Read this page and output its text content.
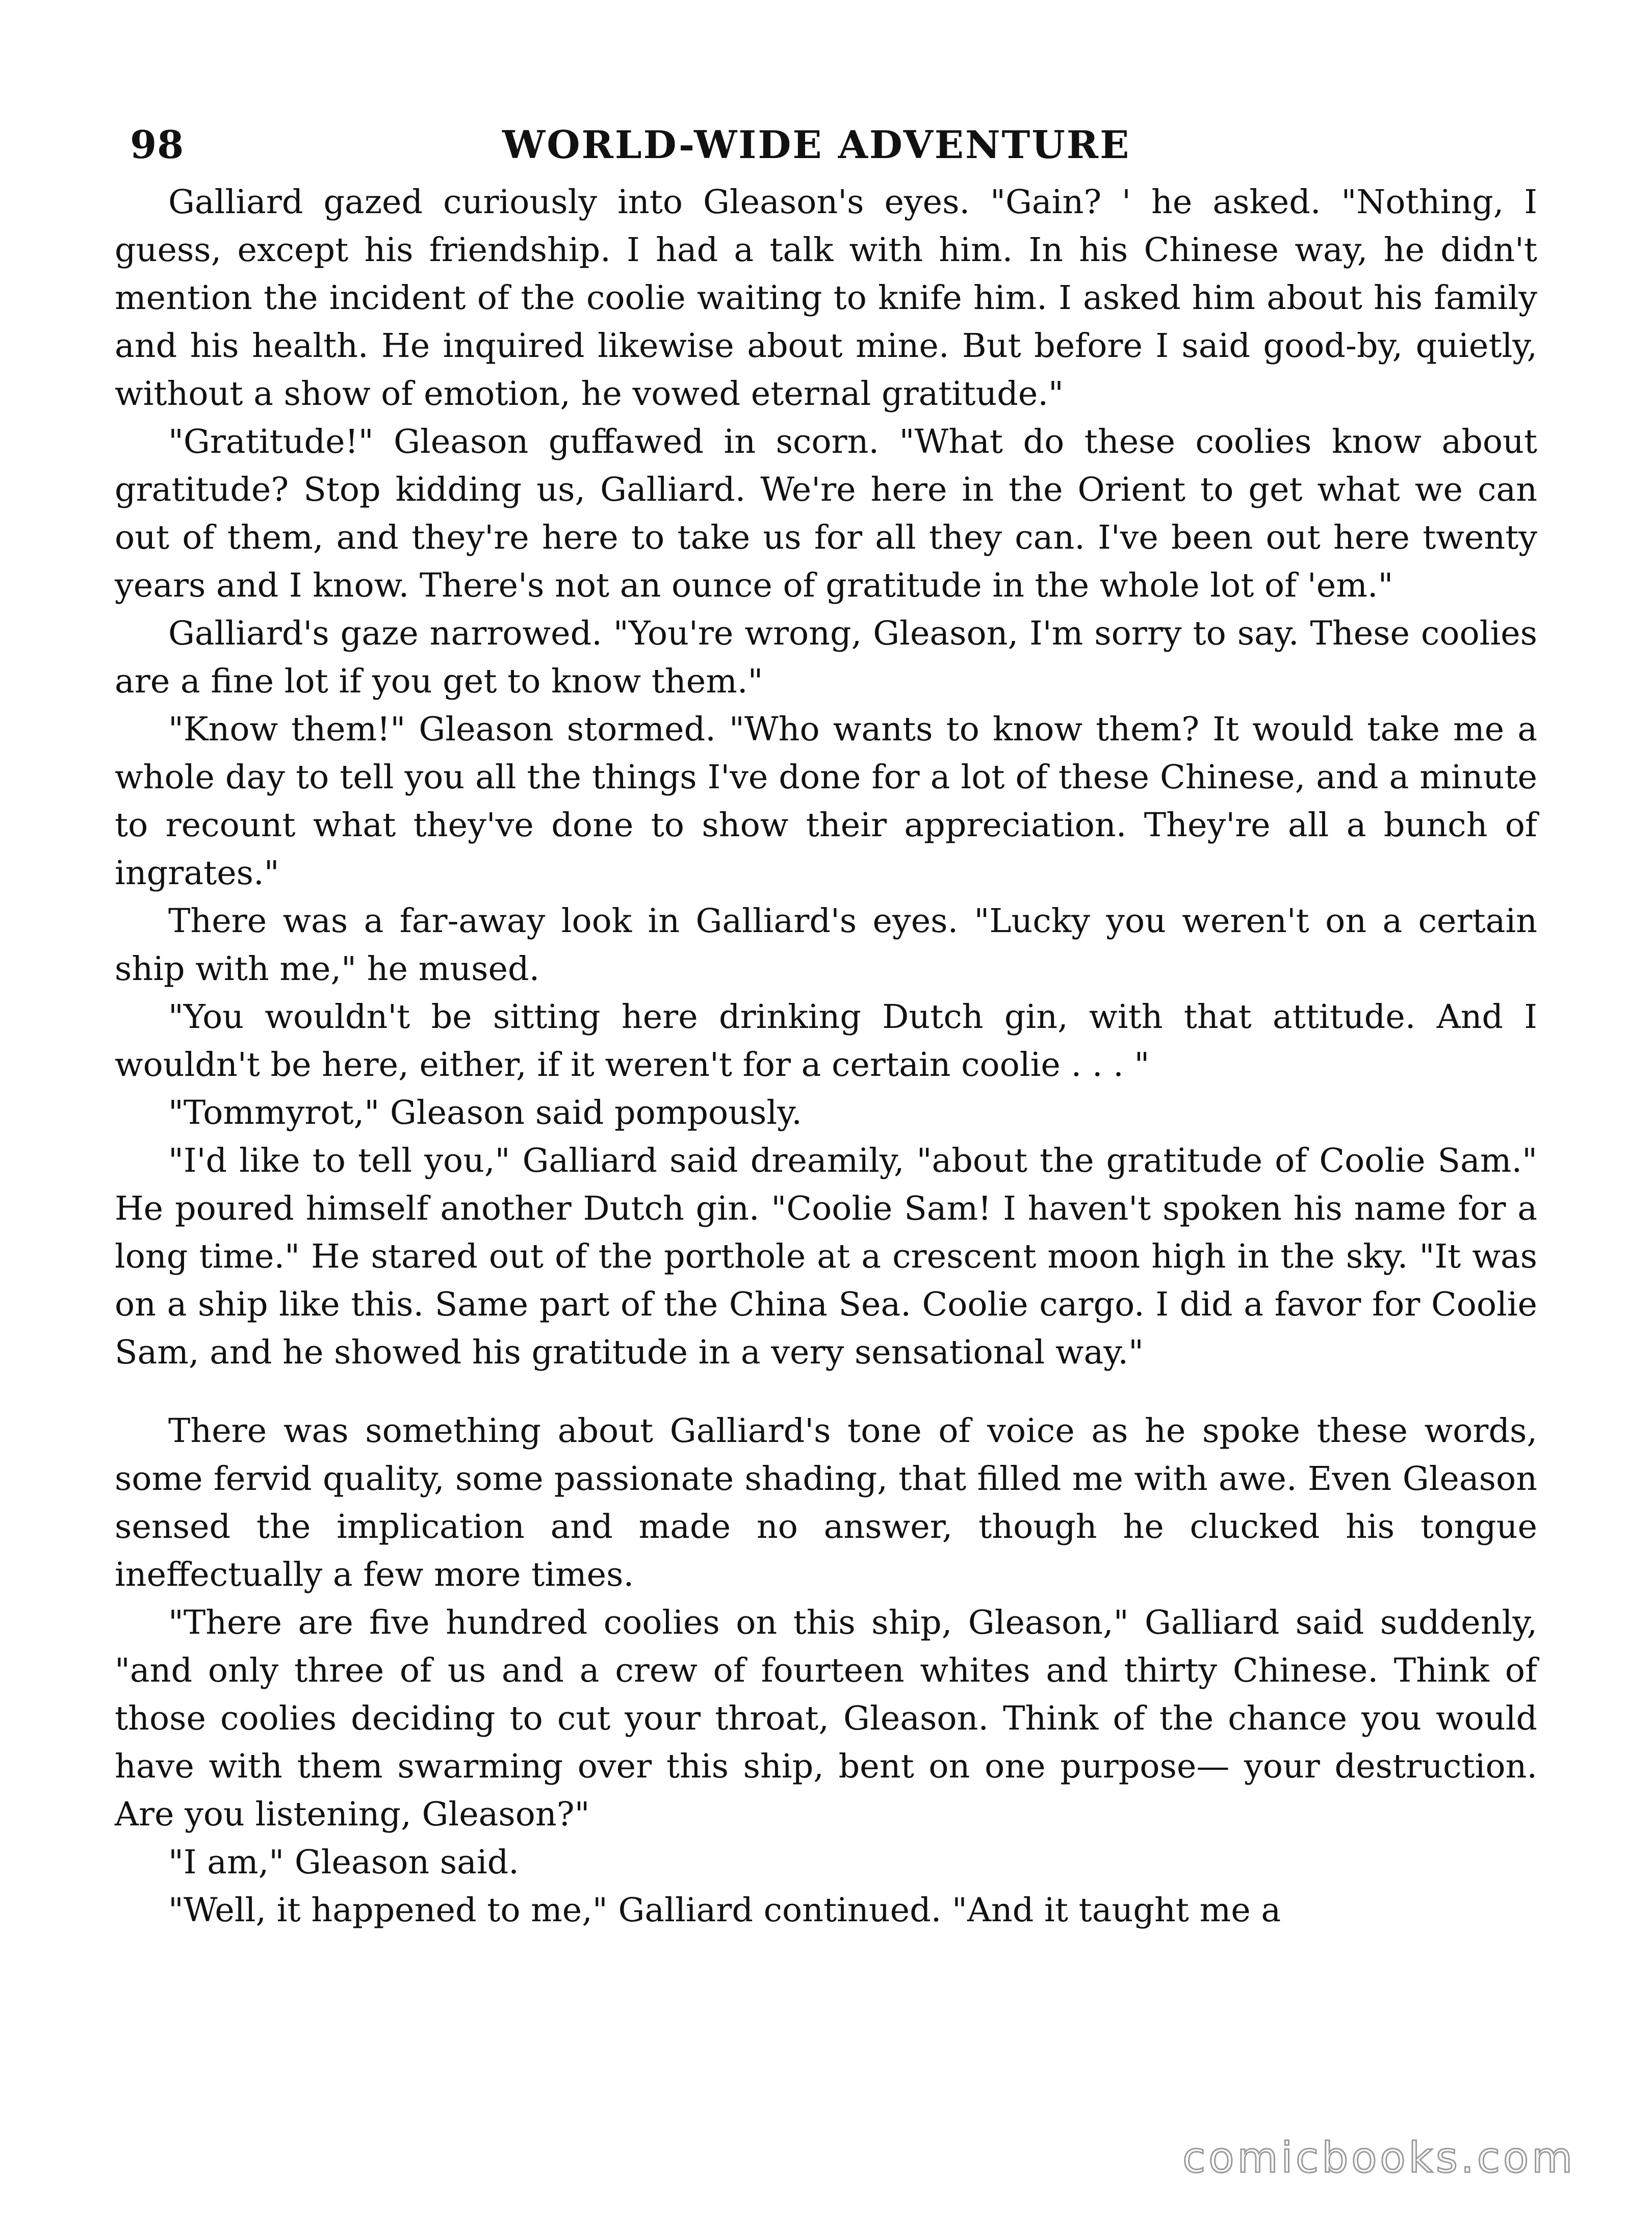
98	WORLD-WIDE ADVENTURE

Galliard gazed curiously into Gleason's eyes. "Gain? ' he asked. "Nothing, I guess, except his friendship. I had a talk with him. In his Chinese way, he didn't mention the incident of the coolie waiting to knife him. I asked him about his family and his health. He inquired likewise about mine. But before I said good-by, quietly, without a show of emotion, he vowed eternal gratitude."

"Gratitude!" Gleason guffawed in scorn. "What do these coolies know about gratitude? Stop kidding us, Galliard. We're here in the Orient to get what we can out of them, and they're here to take us for all they can. I've been out here twenty years and I know. There's not an ounce of gratitude in the whole lot of 'em."

Galliard's gaze narrowed. "You're wrong, Gleason, I'm sorry to say. These coolies are a fine lot if you get to know them."

"Know them!" Gleason stormed. "Who wants to know them? It would take me a whole day to tell you all the things I've done for a lot of these Chinese, and a minute to recount what they've done to show their appreciation. They're all a bunch of ingrates."

There was a far-away look in Galliard's eyes. "Lucky you weren't on a certain ship with me," he mused.

"You wouldn't be sitting here drinking Dutch gin, with that attitude. And I wouldn't be here, either, if it weren't for a certain coolie . . . "

"Tommyrot," Gleason said pompously.

"I'd like to tell you," Galliard said dreamily, "about the gratitude of Coolie Sam." He poured himself another Dutch gin. "Coolie Sam! I haven't spoken his name for a long time." He stared out of the porthole at a crescent moon high in the sky. "It was on a ship like this. Same part of the China Sea. Coolie cargo. I did a favor for Coolie Sam, and he showed his gratitude in a very sensational way."

There was something about Galliard's tone of voice as he spoke these words, some fervid quality, some passionate shading, that filled me with awe. Even Gleason sensed the implication and made no answer, though he clucked his tongue ineffectually a few more times.

"There are five hundred coolies on this ship, Gleason," Galliard said suddenly, "and only three of us and a crew of fourteen whites and thirty Chinese. Think of those coolies deciding to cut your throat, Gleason. Think of the chance you would have with them swarming over this ship, bent on one purpose— your destruction. Are you listening, Gleason?"

"I am," Gleason said.

"Well, it happened to me," Galliard continued. "And it taught me a

comicbooks.com
